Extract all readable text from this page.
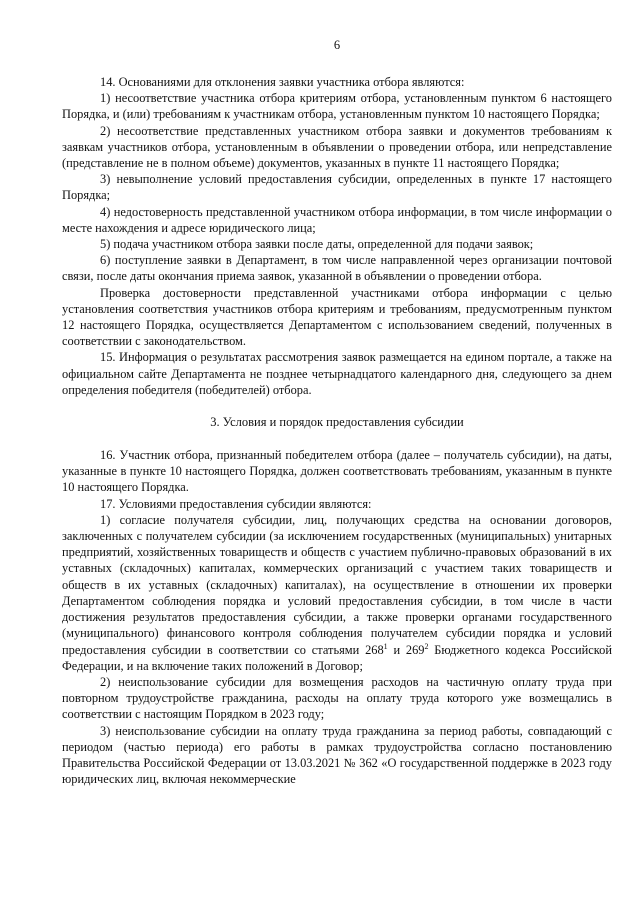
6

14. Основаниями для отклонения заявки участника отбора являются:

1) несоответствие участника отбора критериям отбора, установленным пунктом 6 настоящего Порядка, и (или) требованиям к участникам отбора, установленным пунктом 10 настоящего Порядка;

2) несоответствие представленных участником отбора заявки и документов требованиям к заявкам участников отбора, установленным в объявлении о проведении отбора, или непредставление (представление не в полном объеме) документов, указанных в пункте 11 настоящего Порядка;

3) невыполнение условий предоставления субсидии, определенных в пункте 17 настоящего Порядка;

4) недостоверность представленной участником отбора информации, в том числе информации о месте нахождения и адресе юридического лица;

5) подача участником отбора заявки после даты, определенной для подачи заявок;

6) поступление заявки в Департамент, в том числе направленной через организации почтовой связи, после даты окончания приема заявок, указанной в объявлении о проведении отбора.

Проверка достоверности представленной участниками отбора информации с целью установления соответствия участников отбора критериям и требованиям, предусмотренным пунктом 12 настоящего Порядка, осуществляется Департаментом с использованием сведений, полученных в соответствии с законодательством.

15. Информация о результатах рассмотрения заявок размещается на едином портале, а также на официальном сайте Департамента не позднее четырнадцатого календарного дня, следующего за днем определения победителя (победителей) отбора.

3. Условия и порядок предоставления субсидии

16. Участник отбора, признанный победителем отбора (далее – получатель субсидии), на даты, указанные в пункте 10 настоящего Порядка, должен соответствовать требованиям, указанным в пункте 10 настоящего Порядка.

17. Условиями предоставления субсидии являются:

1) согласие получателя субсидии, лиц, получающих средства на основании договоров, заключенных с получателем субсидии (за исключением государственных (муниципальных) унитарных предприятий, хозяйственных товариществ и обществ с участием публично-правовых образований в их уставных (складочных) капиталах, коммерческих организаций с участием таких товариществ и обществ в их уставных (складочных) капиталах), на осуществление в отношении их проверки Департаментом соблюдения порядка и условий предоставления субсидии, в том числе в части достижения результатов предоставления субсидии, а также проверки органами государственного (муниципального) финансового контроля соблюдения получателем субсидии порядка и условий предоставления субсидии в соответствии со статьями $268^1$ и $269^2$ Бюджетного кодекса Российской Федерации, и на включение таких положений в Договор;

2) неиспользование субсидии для возмещения расходов на частичную оплату труда при повторном трудоустройстве гражданина, расходы на оплату труда которого уже возмещались в соответствии с настоящим Порядком в 2023 году;

3) неиспользование субсидии на оплату труда гражданина за период работы, совпадающий с периодом (частью периода) его работы в рамках трудоустройства согласно постановлению Правительства Российской Федерации от 13.03.2021 № 362 «О государственной поддержке в 2023 году юридических лиц, включая некоммерческие
